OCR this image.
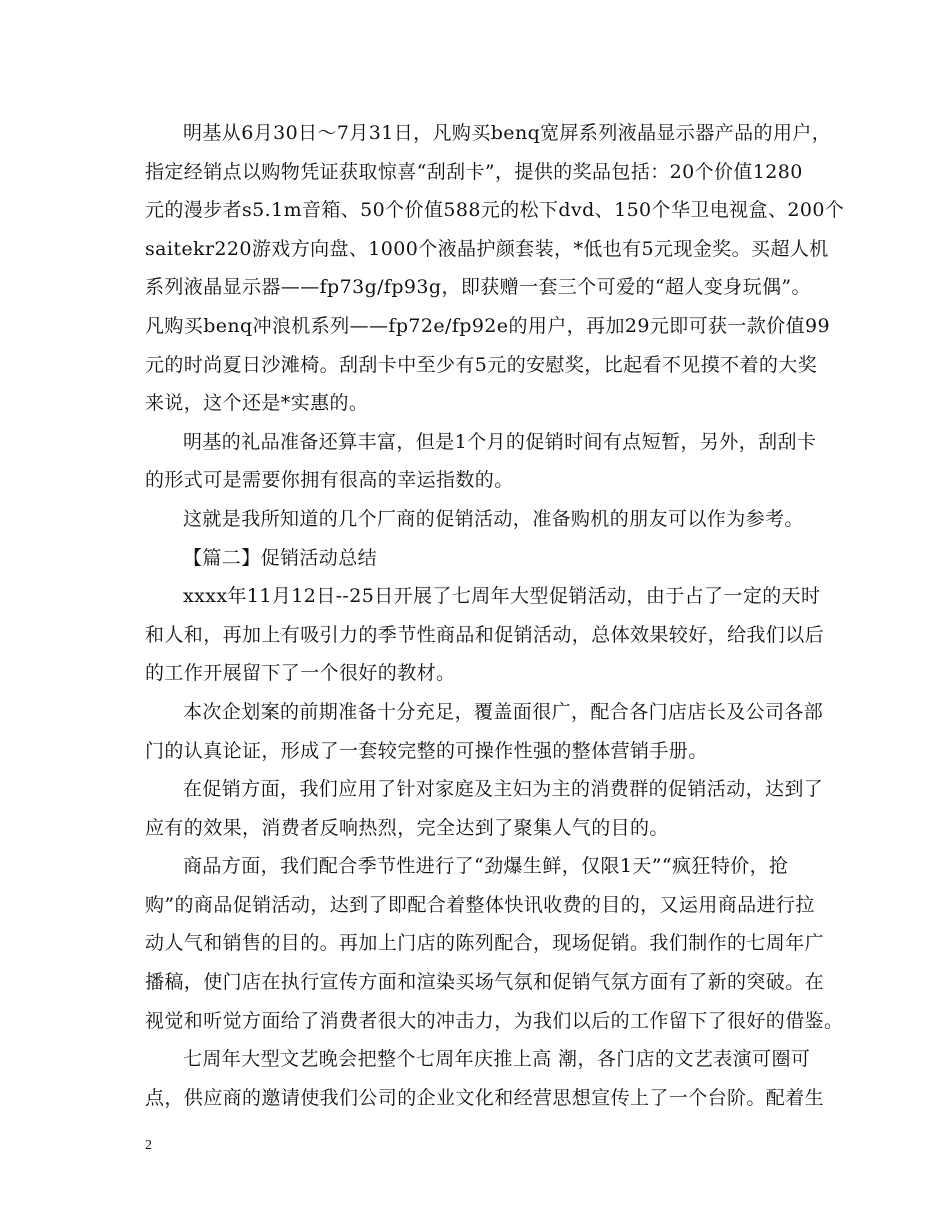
明基从6月30日～7月31日，凡购买benq宽屏系列液晶显示器产品的用户，
指定经销点以购物凭证获取惊喜“刮刮卡”，提供的奖品包括：20个价值1280
元的漫步者s5.1m音箱、50个价值588元的松下dvd、150个华卫电视盒、200个
saitekr220游戏方向盘、1000个液晶护颜套装，*低也有5元现金奖。买超人机
系列液晶显示器——fp73g/fp93g，即获赠一套三个可爱的“超人变身玩偶”。
凡购买benq冲浪机系列——fp72e/fp92e的用户，再加29元即可获一款价值99
元的时尚夏日沙滩椅。刮刮卡中至少有5元的安慰奖，比起看不见摸不着的大奖
来说，这个还是*实惠的。
明基的礼品准备还算丰富，但是1个月的促销时间有点短暂，另外，刮刮卡
的形式可是需要你拥有很高的幸运指数的。
这就是我所知道的几个厂商的促销活动，准备购机的朋友可以作为参考。
【篇二】促销活动总结
xxxx年11月12日--25日开展了七周年大型促销活动，由于占了一定的天时
和人和，再加上有吸引力的季节性商品和促销活动，总体效果较好，给我们以后
的工作开展留下了一个很好的教材。
本次企划案的前期准备十分充足，覆盖面很广，配合各门店店长及公司各部
门的认真论证，形成了一套较完整的可操作性强的整体营销手册。
在促销方面，我们应用了针对家庭及主妇为主的消费群的促销活动，达到了
应有的效果，消费者反响热烈，完全达到了聚集人气的目的。
商品方面，我们配合季节性进行了“劲爆生鲜，仅限1天”“疯狂特价，抢
购”的商品促销活动，达到了即配合着整体快讯收费的目的，又运用商品进行拉
动人气和销售的目的。再加上门店的陈列配合，现场促销。我们制作的七周年广
播稿，使门店在执行宣传方面和渲染买场气氛和促销气氛方面有了新的突破。在
视觉和听觉方面给了消费者很大的冲击力，为我们以后的工作留下了很好的借鉴。
七周年大型文艺晚会把整个七周年庆推上高 潮，各门店的文艺表演可圈可
点，供应商的邀请使我们公司的企业文化和经营思想宣传上了一个台阶。配着生
2
